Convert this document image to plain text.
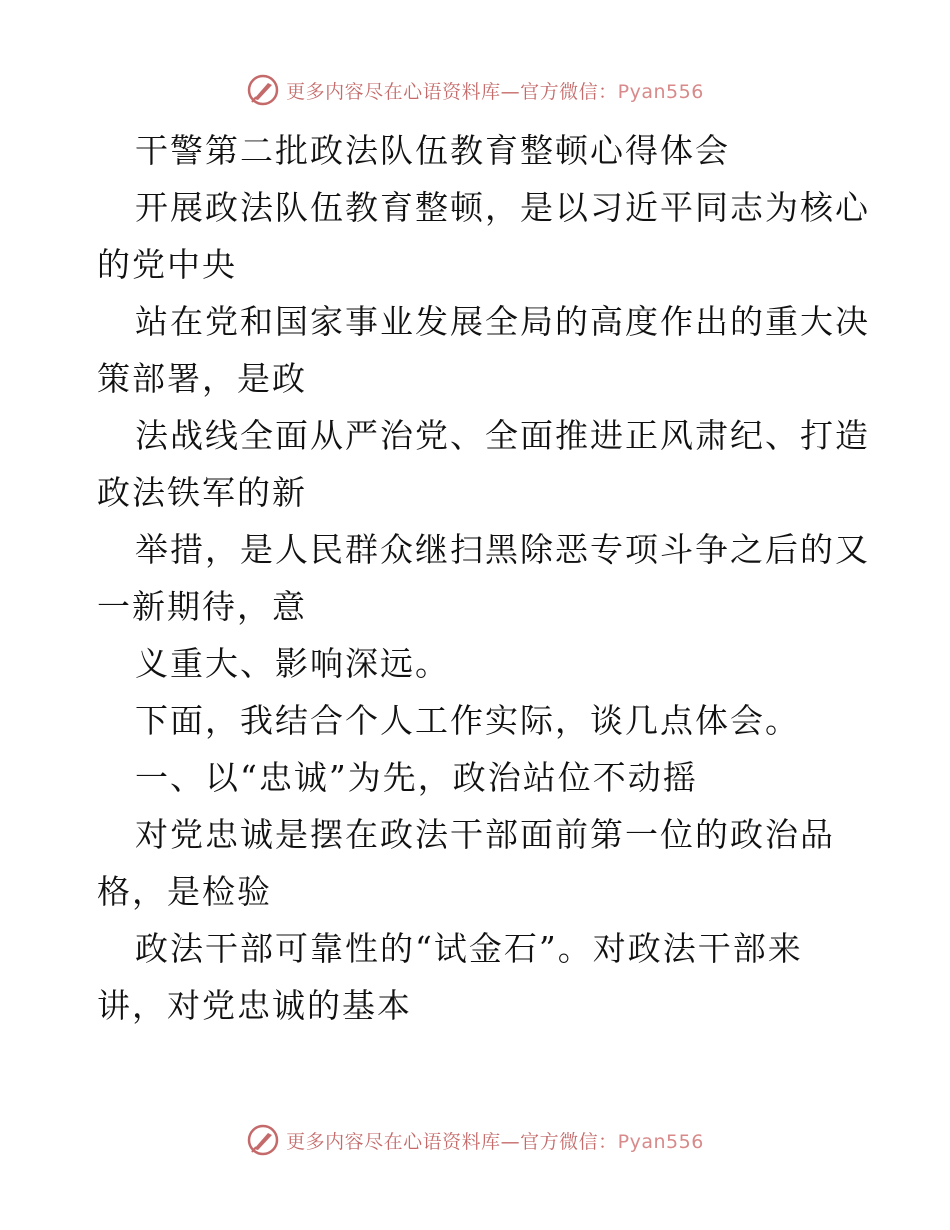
更多内容尽在心语资料库—官方微信：Pyan556
干警第二批政法队伍教育整顿心得体会
开展政法队伍教育整顿，是以习近平同志为核心
的党中央
站在党和国家事业发展全局的高度作出的重大决
策部署，是政
法战线全面从严治党、全面推进正风肃纪、打造
政法铁军的新
举措，是人民群众继扫黑除恶专项斗争之后的又
一新期待，意
义重大、影响深远。
下面，我结合个人工作实际，谈几点体会。
一、以“忠诚”为先，政治站位不动摇
对党忠诚是摆在政法干部面前第一位的政治品
格，是检验
政法干部可靠性的“试金石”。对政法干部来
讲，对党忠诚的基本
更多内容尽在心语资料库—官方微信：Pyan556
